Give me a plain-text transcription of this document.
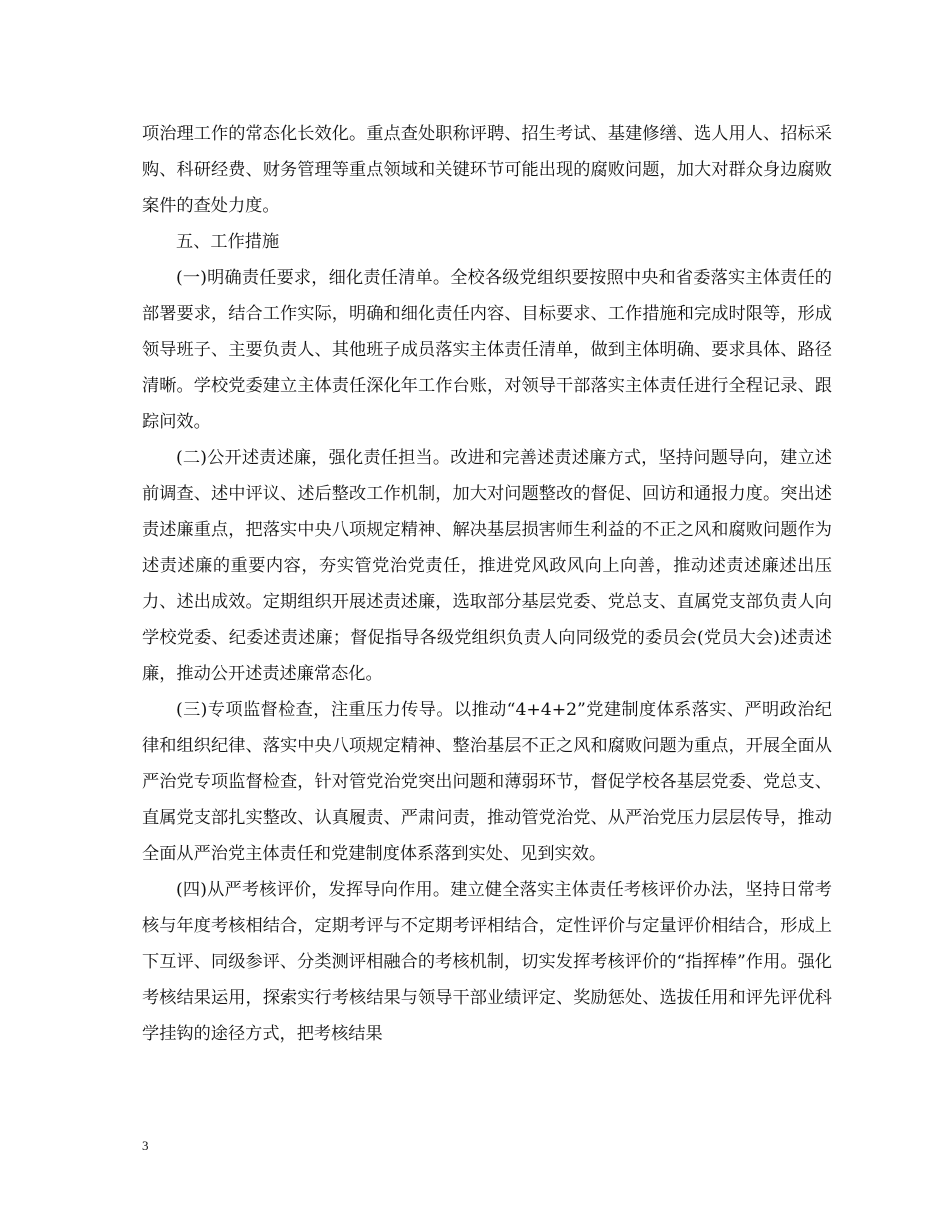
项治理工作的常态化长效化。重点查处职称评聘、招生考试、基建修缮、选人用人、招标采购、科研经费、财务管理等重点领域和关键环节可能出现的腐败问题，加大对群众身边腐败案件的查处力度。

五、工作措施

(一)明确责任要求，细化责任清单。全校各级党组织要按照中央和省委落实主体责任的部署要求，结合工作实际，明确和细化责任内容、目标要求、工作措施和完成时限等，形成领导班子、主要负责人、其他班子成员落实主体责任清单，做到主体明确、要求具体、路径清晰。学校党委建立主体责任深化年工作台账，对领导干部落实主体责任进行全程记录、跟踪问效。

(二)公开述责述廉，强化责任担当。改进和完善述责述廉方式，坚持问题导向，建立述前调查、述中评议、述后整改工作机制，加大对问题整改的督促、回访和通报力度。突出述责述廉重点，把落实中央八项规定精神、解决基层损害师生利益的不正之风和腐败问题作为述责述廉的重要内容，夯实管党治党责任，推进党风政风向上向善，推动述责述廉述出压力、述出成效。定期组织开展述责述廉，选取部分基层党委、党总支、直属党支部负责人向学校党委、纪委述责述廉；督促指导各级党组织负责人向同级党的委员会(党员大会)述责述廉，推动公开述责述廉常态化。

(三)专项监督检查，注重压力传导。以推动“4+4+2”党建制度体系落实、严明政治纪律和组织纪律、落实中央八项规定精神、整治基层不正之风和腐败问题为重点，开展全面从严治党专项监督检查，针对管党治党突出问题和薄弱环节，督促学校各基层党委、党总支、直属党支部扎实整改、认真履责、严肃问责，推动管党治党、从严治党压力层层传导，推动全面从严治党主体责任和党建制度体系落到实处、见到实效。

(四)从严考核评价，发挥导向作用。建立健全落实主体责任考核评价办法，坚持日常考核与年度考核相结合，定期考评与不定期考评相结合，定性评价与定量评价相结合，形成上下互评、同级参评、分类测评相融合的考核机制，切实发挥考核评价的“指挥棒”作用。强化考核结果运用，探索实行考核结果与领导干部业绩评定、奖励惩处、选拔任用和评先评优科学挂钩的途径方式，把考核结果

3
